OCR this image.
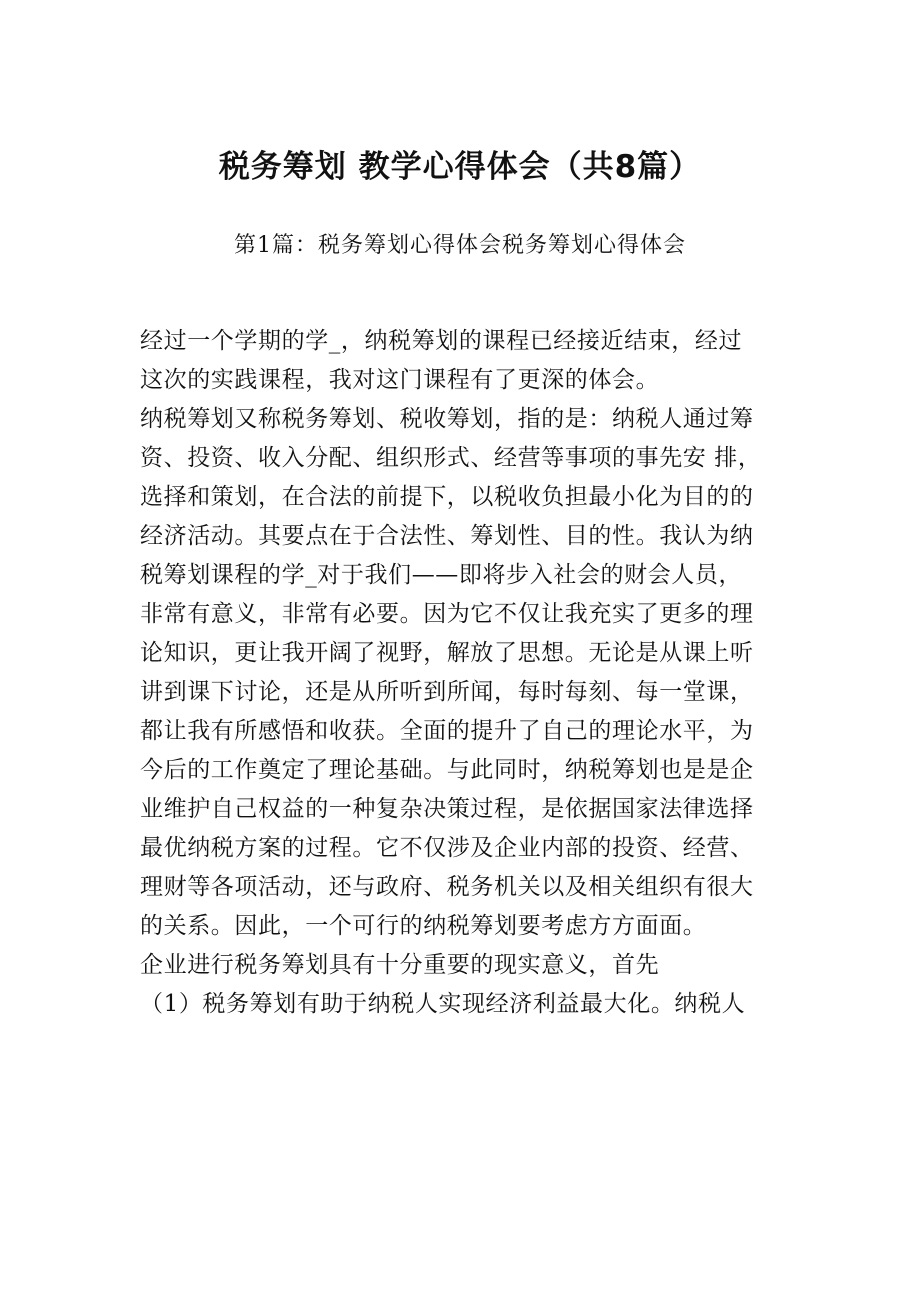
税务筹划 教学心得体会（共8篇）
第1篇：税务筹划心得体会税务筹划心得体会
经过一个学期的学_，纳税筹划的课程已经接近结束，经过
这次的实践课程，我对这门课程有了更深的体会。
纳税筹划又称税务筹划、税收筹划，指的是：纳税人通过筹
资、投资、收入分配、组织形式、经营等事项的事先安 排，
选择和策划，在合法的前提下，以税收负担最小化为目的的
经济活动。其要点在于合法性、筹划性、目的性。我认为纳
税筹划课程的学_对于我们——即将步入社会的财会人员，
非常有意义，非常有必要。因为它不仅让我充实了更多的理
论知识，更让我开阔了视野，解放了思想。无论是从课上听
讲到课下讨论，还是从所听到所闻，每时每刻、每一堂课，
都让我有所感悟和收获。全面的提升了自己的理论水平，为
今后的工作奠定了理论基础。与此同时，纳税筹划也是是企
业维护自己权益的一种复杂决策过程，是依据国家法律选择
最优纳税方案的过程。它不仅涉及企业内部的投资、经营、
理财等各项活动，还与政府、税务机关以及相关组织有很大
的关系。因此，一个可行的纳税筹划要考虑方方面面。
企业进行税务筹划具有十分重要的现实意义，首先
（1）税务筹划有助于纳税人实现经济利益最大化。纳税人
